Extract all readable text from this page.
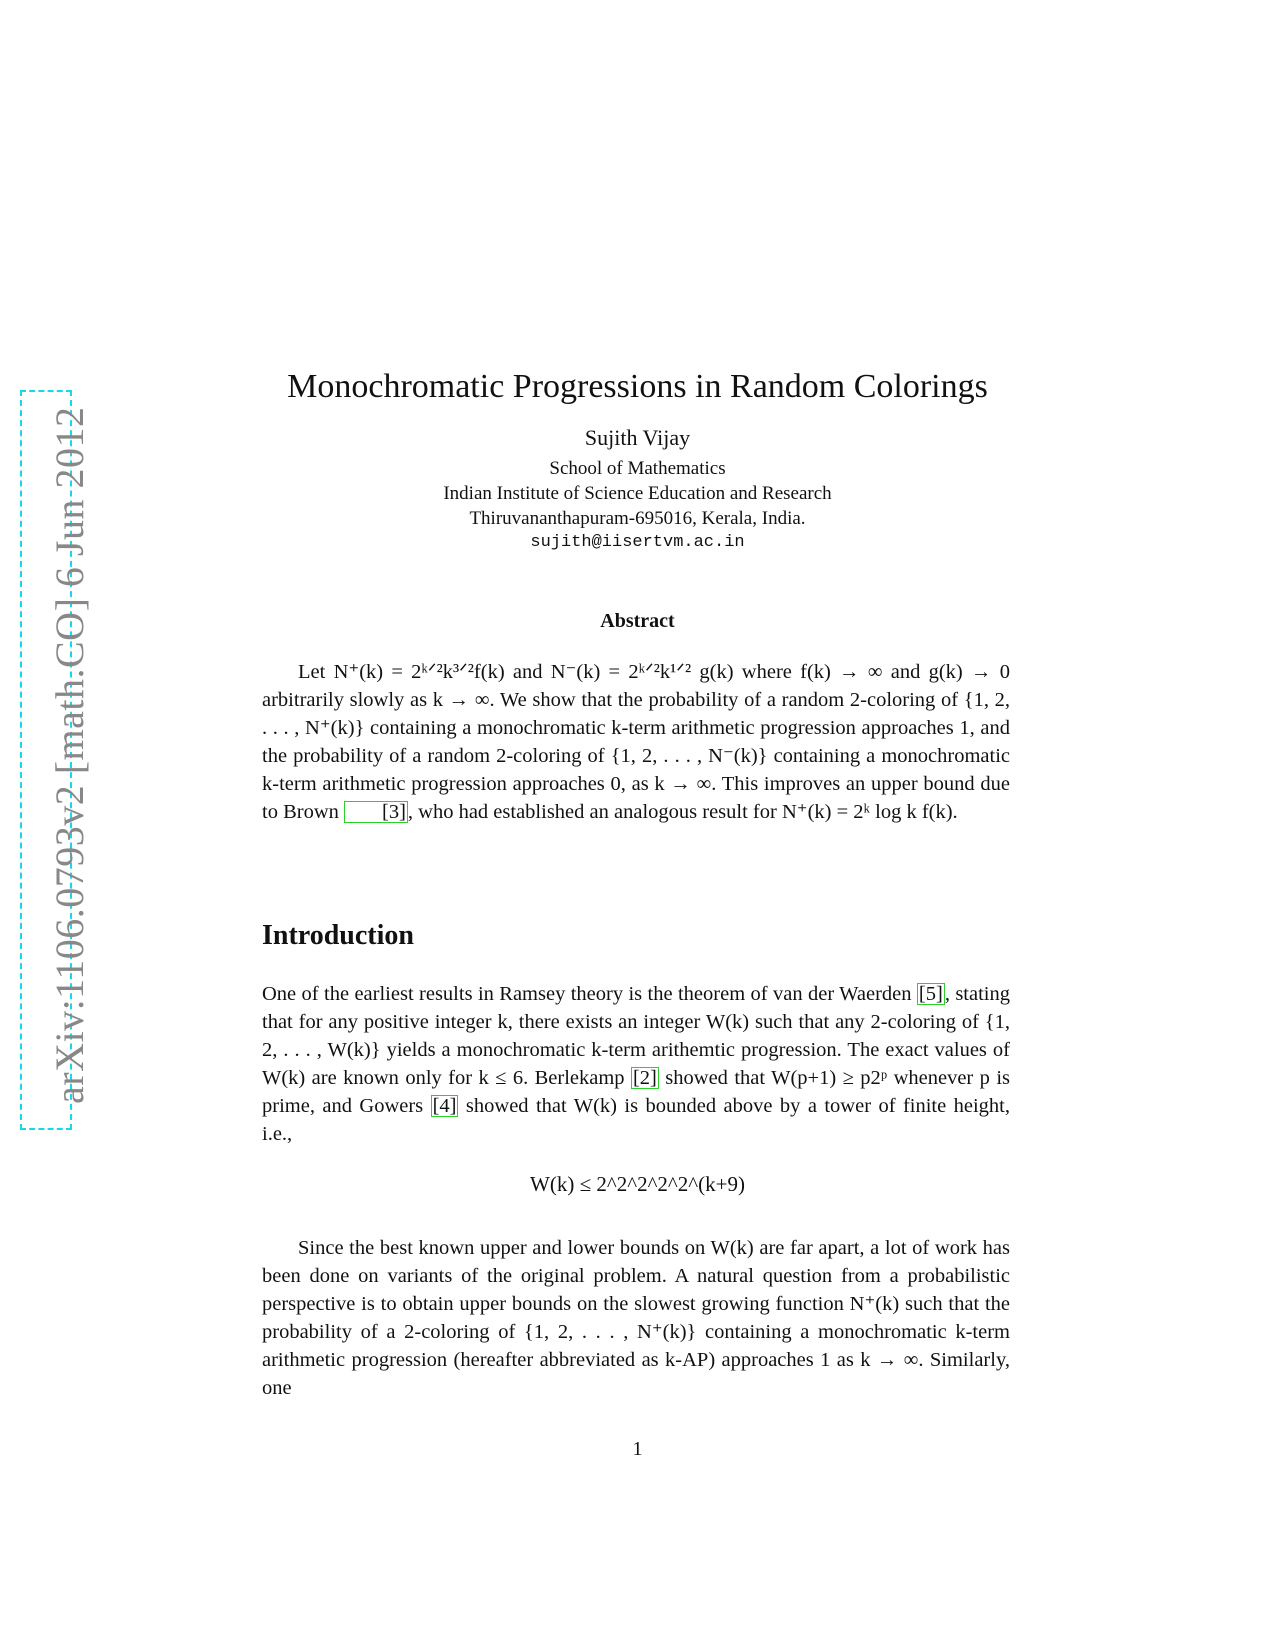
arXiv:1106.0793v2 [math.CO] 6 Jun 2012
Monochromatic Progressions in Random Colorings
Sujith Vijay
School of Mathematics
Indian Institute of Science Education and Research
Thiruvananthapuram-695016, Kerala, India.
sujith@iisertvm.ac.in
Abstract
Let N⁺(k) = 2ᵏᐟ²k³ᐟ²f(k) and N⁻(k) = 2ᵏᐟ²k¹ᐟ² g(k) where f(k) → ∞ and g(k) → 0 arbitrarily slowly as k → ∞. We show that the probability of a random 2-coloring of {1, 2, . . . , N⁺(k)} containing a monochromatic k-term arithmetic progression approaches 1, and the probability of a random 2-coloring of {1, 2, . . . , N⁻(k)} containing a monochromatic k-term arithmetic progression approaches 0, as k → ∞. This improves an upper bound due to Brown [3], who had established an analogous result for N⁺(k) = 2ᵏ log k f(k).
Introduction
One of the earliest results in Ramsey theory is the theorem of van der Waerden [5], stating that for any positive integer k, there exists an integer W(k) such that any 2-coloring of {1, 2, . . . , W(k)} yields a monochromatic k-term arithemtic progression. The exact values of W(k) are known only for k ≤ 6. Berlekamp [2] showed that W(p+1) ≥ p2ᵖ whenever p is prime, and Gowers [4] showed that W(k) is bounded above by a tower of finite height, i.e.,
W(k) ≤ 2^2^2^2^2^(k+9)
Since the best known upper and lower bounds on W(k) are far apart, a lot of work has been done on variants of the original problem. A natural question from a probabilistic perspective is to obtain upper bounds on the slowest growing function N⁺(k) such that the probability of a 2-coloring of {1, 2, . . . , N⁺(k)} containing a monochromatic k-term arithmetic progression (hereafter abbreviated as k-AP) approaches 1 as k → ∞. Similarly, one
1
